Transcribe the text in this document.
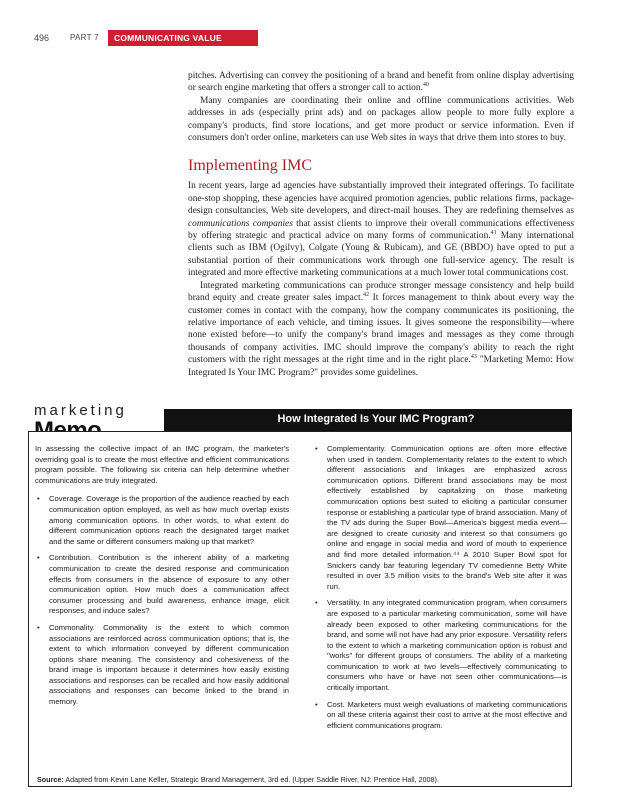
496	PART 7 COMMUNICATING VALUE

pitches. Advertising can convey the positioning of a brand and benefit from online display advertising or search engine marketing that offers a stronger call to action.$^{40}$

Many companies are coordinating their online and offline communications activities. Web addresses in ads (especially print ads) and on packages allow people to more fully explore a company's products, find store locations, and get more product or service information. Even if consumers don't order online, marketers can use Web sites in ways that drive them into stores to buy.

Implementing IMC

In recent years, large ad agencies have substantially improved their integrated offerings. To facilitate one-stop shopping, these agencies have acquired promotion agencies, public relations firms, package-design consultancies, Web site developers, and direct-mail houses. They are redefining themselves as communications companies that assist clients to improve their overall communications effectiveness by offering strategic and practical advice on many forms of communication.$^{41}$ Many international clients such as IBM (Ogilvy), Colgate (Young & Rubicam), and GE (BBDO) have opted to put a substantial portion of their communications work through one full-service agency. The result is integrated and more effective marketing communications at a much lower total communications cost.

Integrated marketing communications can produce stronger message consistency and help build brand equity and create greater sales impact.$^{42}$ It forces management to think about every way the customer comes in contact with the company, how the company communicates its positioning, the relative importance of each vehicle, and timing issues. It gives someone the responsibility—where none existed before—to unify the company's brand images and messages as they come through thousands of company activities. IMC should improve the company's ability to reach the right customers with the right messages at the right time and in the right place.$^{43}$ "Marketing Memo: How Integrated Is Your IMC Program?" provides some guidelines.

How Integrated Is Your IMC Program?
marketing

In assessing the collective impact of an IMC program, the marketer's overriding goal is to create the most effective and efficient communications program possible. The following six criteria can help determine whether communications are truly integrated.

• Coverage. Coverage is the proportion of the audience reached by each communication option employed, as well as how much overlap exists among communication options. In other words, to what extent do different communication options reach the designated target market and the same or different consumers making up that market?
• Contribution. Contribution is the inherent ability of a marketing communication to create the desired response and communication effects from consumers in the absence of exposure to any other communication option. How much does a communication affect consumer processing and build awareness, enhance image, elicit responses, and induce sales?
• Commonality. Commonality is the extent to which common associations are reinforced across communication options; that is, the extent to which information conveyed by different communication options share meaning. The consistency and cohesiveness of the brand image is important because it determines how easily existing associations and responses can be recalled and how easily additional associations and responses can become linked to the brand in memory.
• Complementarity. Communication options are often more effective when used in tandem. Complementarity relates to the extent to which different associations and linkages are emphasized across communication options. Different brand associations may be most effectively established by capitalizing on those marketing communication options best suited to eliciting a particular consumer response or establishing a particular type of brand association. Many of the TV ads during the Super Bowl—America's biggest media event—are designed to create curiosity and interest so that consumers go online and engage in social media and word of mouth to experience and find more detailed information.⁴⁴ A 2010 Super Bowl spot for Snickers candy bar featuring legendary TV comedienne Betty White resulted in over 3.5 million visits to the brand's Web site after it was run.
• Versatility. In any integrated communication program, when consumers are exposed to a particular marketing communication, some will have already been exposed to other marketing communications for the brand, and some will not have had any prior exposure. Versatility refers to the extent to which a marketing communication option is robust and "works" for different groups of consumers. The ability of a marketing communication to work at two levels—effectively communicating to consumers who have or have not seen other communications—is critically important.
• Cost. Marketers must weigh evaluations of marketing communications on all these criteria against their cost to arrive at the most effective and efficient communications program.
Source: Adapted from Kevin Lane Keller, Strategic Brand Management, 3rd ed. (Upper Saddle River, NJ: Prentice Hall, 2008).
